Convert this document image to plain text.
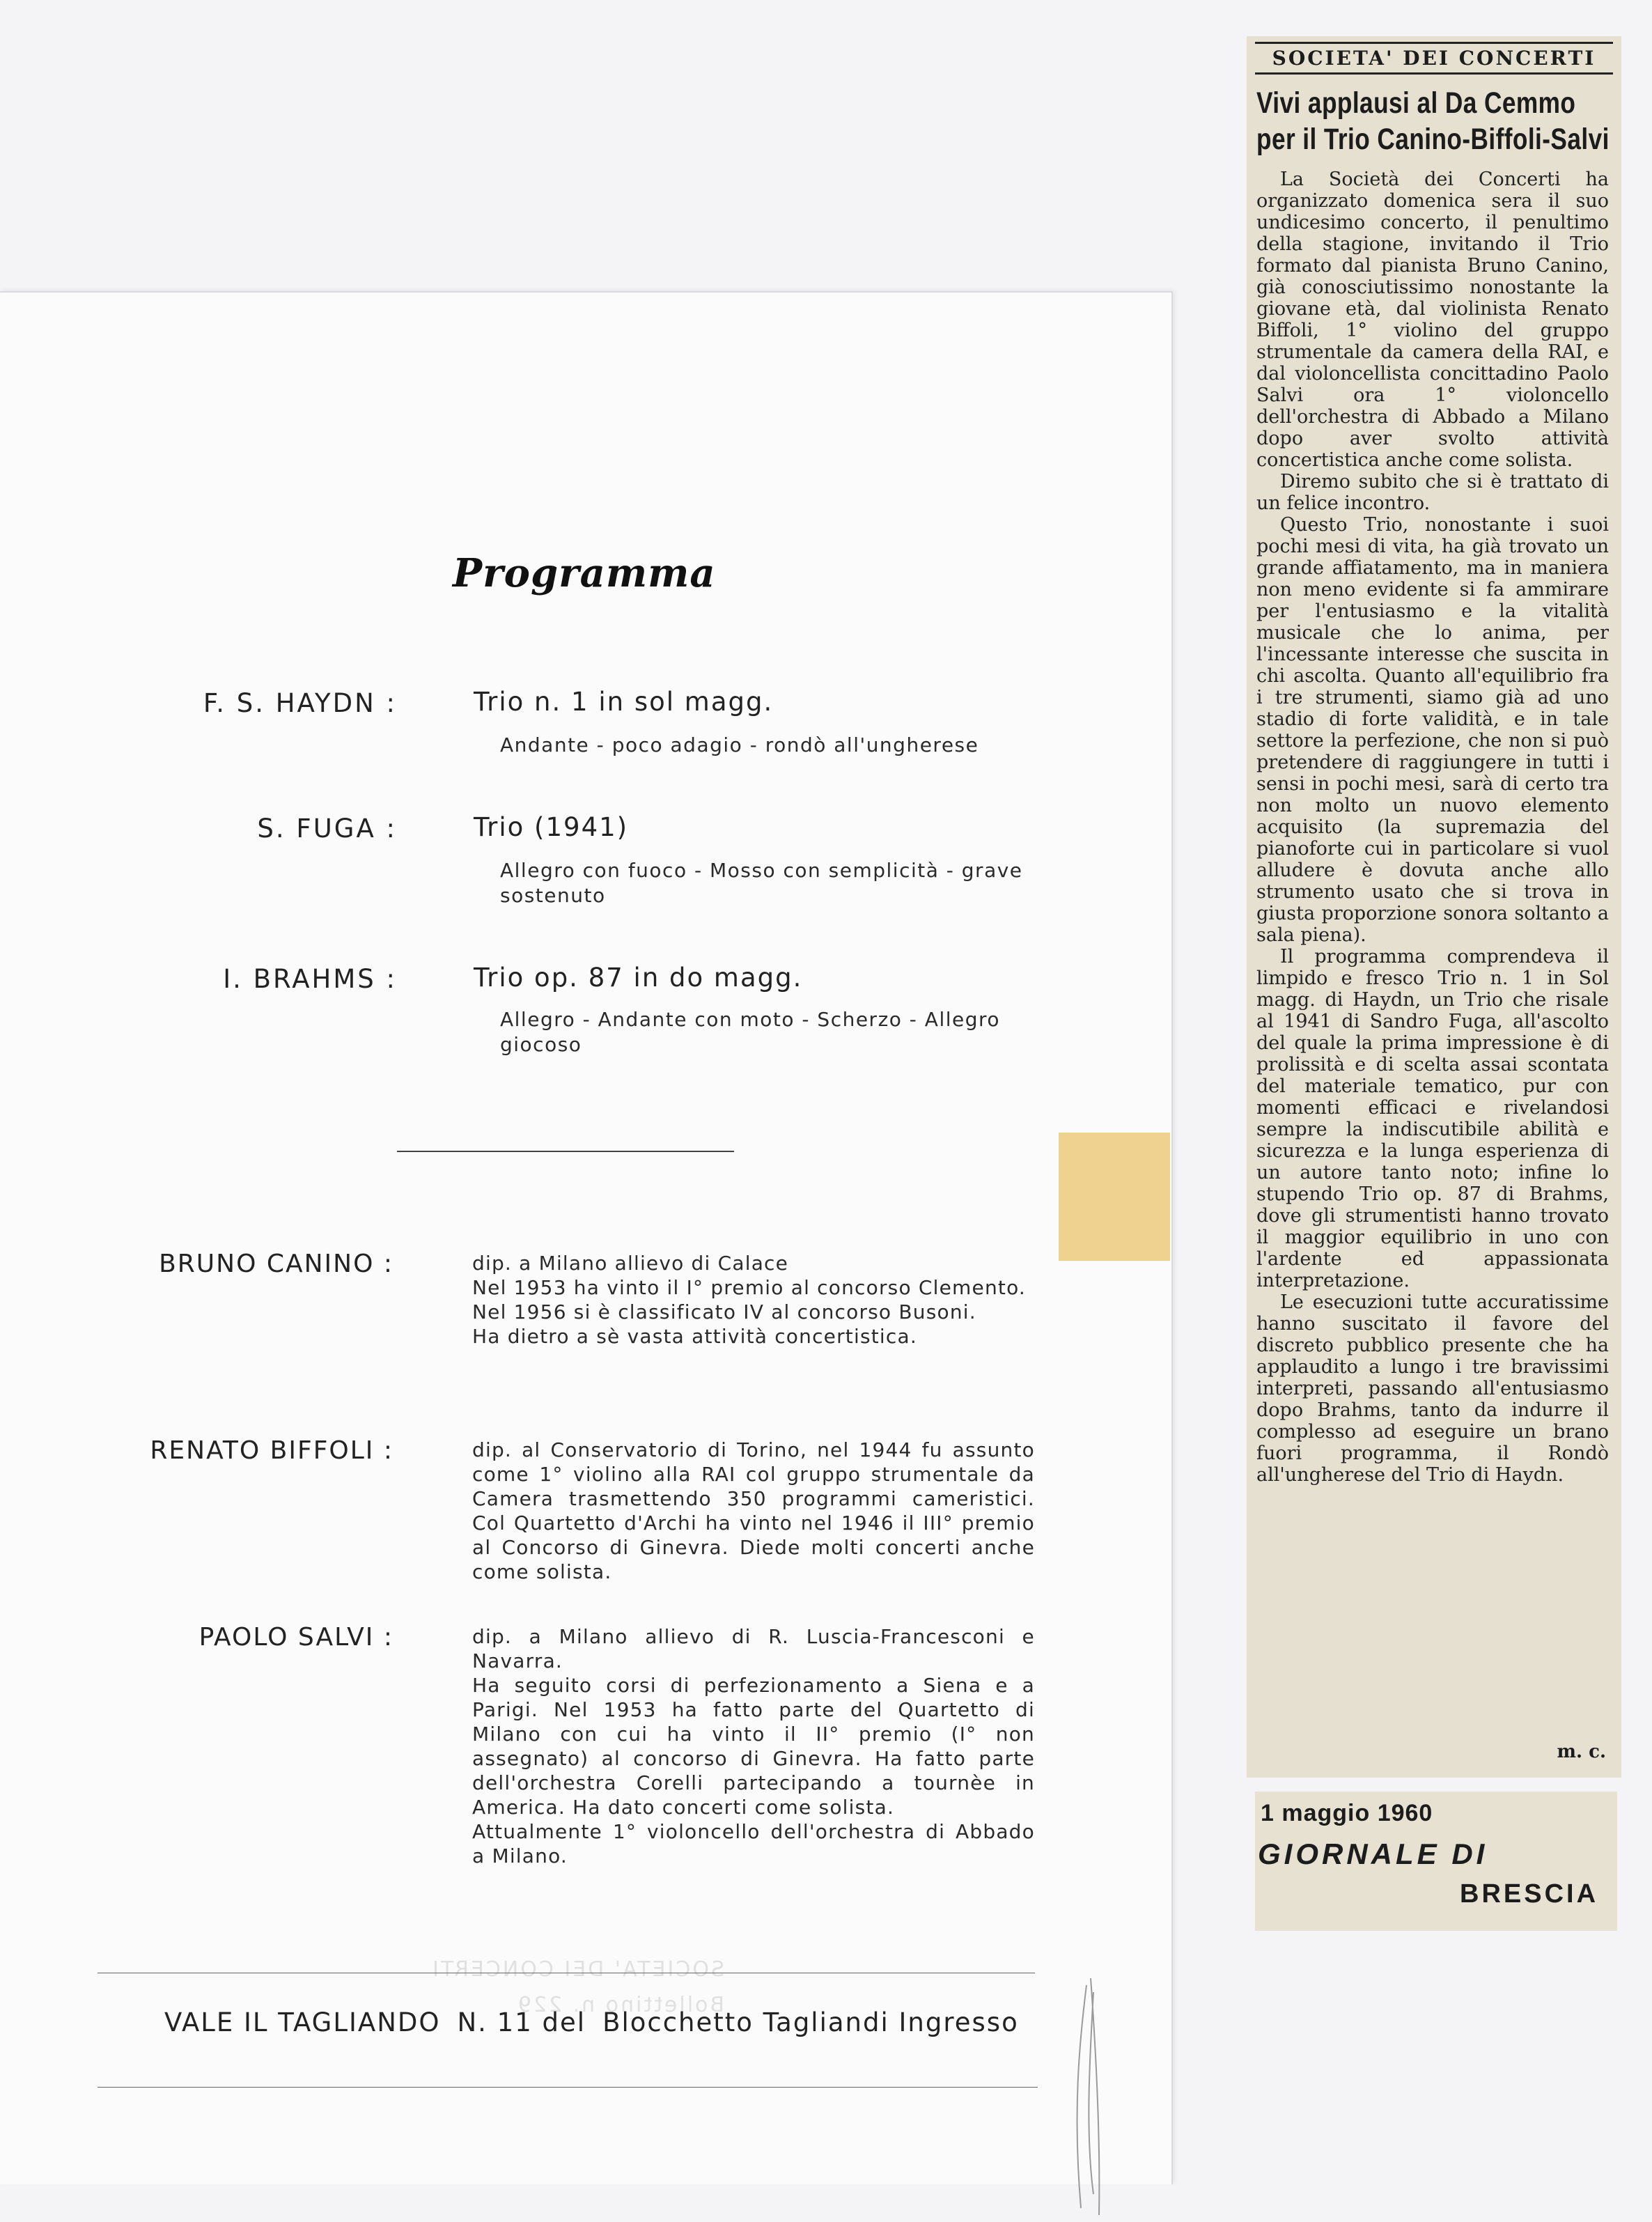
Programma
F. S. HAYDN :	Trio n. 1 in sol magg.
Andante - poco adagio - rondò all'ungherese
S. FUGA :	Trio (1941)
Allegro con fuoco - Mosso con semplicità - grave sostenuto
I. BRAHMS :	Trio op. 87 in do magg.
Allegro - Andante con moto - Scherzo - Allegro giocoso
BRUNO CANINO :	dip. a Milano allievo di Calace

Nel 1953 ha vinto il I° premio al concorso Clemento.

Nel 1956 si è classificato IV al concorso Busoni.

Ha dietro a sè vasta attività concertistica.

RENATO BIFFOLI :	dip. al Conservatorio di Torino, nel 1944 fu assunto come 1° violino alla RAI col gruppo strumentale da Camera trasmettendo 350 programmi cameristici. Col Quartetto d'Archi ha vinto nel 1946 il III° premio al Concorso di Ginevra. Diede molti concerti anche come solista.

PAOLO SALVI :	dip. a Milano allievo di R. Luscia-Francesconi e Navarra.

Ha seguito corsi di perfezionamento a Siena e a Parigi. Nel 1953 ha fatto parte del Quartetto di Milano con cui ha vinto il II° premio (I° non assegnato) al concorso di Ginevra. Ha fatto parte dell'orchestra Corelli partecipando a tournèe in America. Ha dato concerti come solista.

Attualmente 1° violoncello dell'orchestra di Abbado a Milano.

SOCIETA' DEI CONCERTI
Bollettino n. 229
VALE IL TAGLIANDO N. 11 del Blocchetto Tagliandi Ingresso
SOCIETA' DEI CONCERTI
Vivi applausi al Da Cemmo per il Trio Canino-Biffoli-Salvi

La Società dei Concerti ha organizzato domenica sera il suo undicesimo concerto, il penultimo della stagione, invitando il Trio formato dal pianista Bruno Canino, già conosciutissimo nonostante la giovane età, dal violinista Renato Biffoli, 1° violino del gruppo strumentale da camera della RAI, e dal violoncellista concittadino Paolo Salvi ora 1° violoncello dell'orchestra di Abbado a Milano dopo aver svolto attività concertistica anche come solista.

Diremo subito che si è trattato di un felice incontro.

Questo Trio, nonostante i suoi pochi mesi di vita, ha già trovato un grande affiatamento, ma in maniera non meno evidente si fa ammirare per l'entusiasmo e la vitalità musicale che lo anima, per l'incessante interesse che suscita in chi ascolta. Quanto all'equilibrio fra i tre strumenti, siamo già ad uno stadio di forte validità, e in tale settore la perfezione, che non si può pretendere di raggiungere in tutti i sensi in pochi mesi, sarà di certo tra non molto un nuovo elemento acquisito (la supremazia del pianoforte cui in particolare si vuol alludere è dovuta anche allo strumento usato che si trova in giusta proporzione sonora soltanto a sala piena).

Il programma comprendeva il limpido e fresco Trio n. 1 in Sol magg. di Haydn, un Trio che risale al 1941 di Sandro Fuga, all'ascolto del quale la prima impressione è di prolissità e di scelta assai scontata del materiale tematico, pur con momenti efficaci e rivelandosi sempre la indiscutibile abilità e sicurezza e la lunga esperienza di un autore tanto noto; infine lo stupendo Trio op. 87 di Brahms, dove gli strumentisti hanno trovato il maggior equilibrio in uno con l'ardente ed appassionata interpretazione.

Le esecuzioni tutte accuratissime hanno suscitato il favore del discreto pubblico presente che ha applaudito a lungo i tre bravissimi interpreti, passando all'entusiasmo dopo Brahms, tanto da indurre il complesso ad eseguire un brano fuori programma, il Rondò all'ungherese del Trio di Haydn.

m. c.
1 maggio 1960
GIORNALE DI
BRESCIA
